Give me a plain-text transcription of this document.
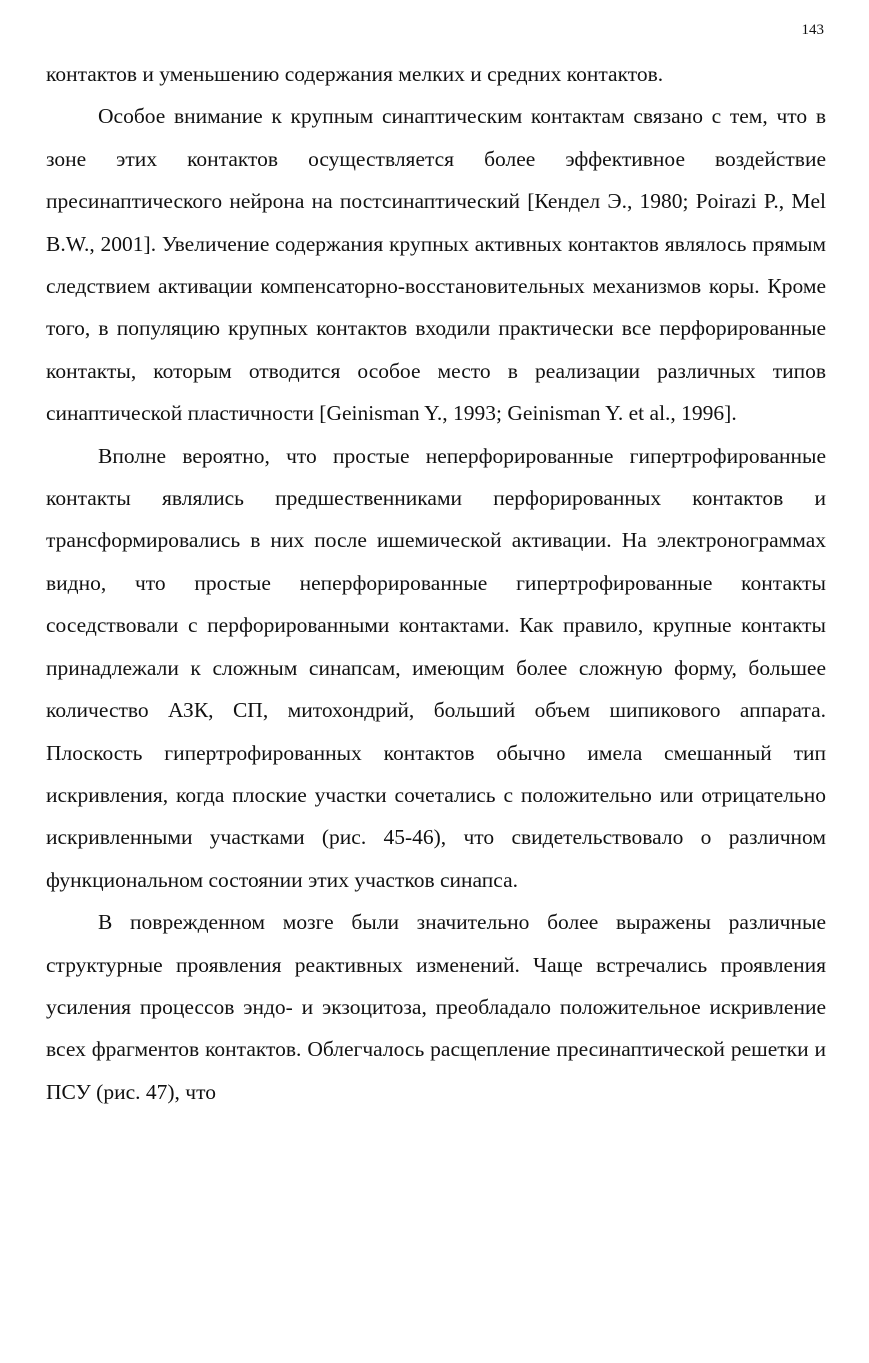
143

контактов и уменьшению содержания мелких и средних контактов.

Особое внимание к крупным синаптическим контактам связано с тем, что в зоне этих контактов осуществляется более эффективное воздействие пресинаптического нейрона на постсинаптический [Кендел Э., 1980; Poirazi P., Mel B.W., 2001]. Увеличение содержания крупных активных контактов являлось прямым следствием активации компенсаторно-восстановительных механизмов коры. Кроме того, в популяцию крупных контактов входили практически все перфорированные контакты, которым отводится особое место в реализации различных типов синаптической пластичности [Geinisman Y., 1993; Geinisman Y. et al., 1996].

Вполне вероятно, что простые неперфорированные гипертрофированные контакты являлись предшественниками перфорированных контактов и трансформировались в них после ишемической активации. На электронограммах видно, что простые неперфорированные гипертрофированные контакты соседствовали с перфорированными контактами. Как правило, крупные контакты принадлежали к сложным синапсам, имеющим более сложную форму, большее количество АЗК, СП, митохондрий, больший объем шипикового аппарата. Плоскость гипертрофированных контактов обычно имела смешанный тип искривления, когда плоские участки сочетались с положительно или отрицательно искривленными участками (рис. 45-46), что свидетельствовало о различном функциональном состоянии этих участков синапса.

В поврежденном мозге были значительно более выражены различные структурные проявления реактивных изменений. Чаще встречались проявления усиления процессов эндо- и экзоцитоза, преобладало положительное искривление всех фрагментов контактов. Облегчалось расщепление пресинаптической решетки и ПСУ (рис. 47), что
